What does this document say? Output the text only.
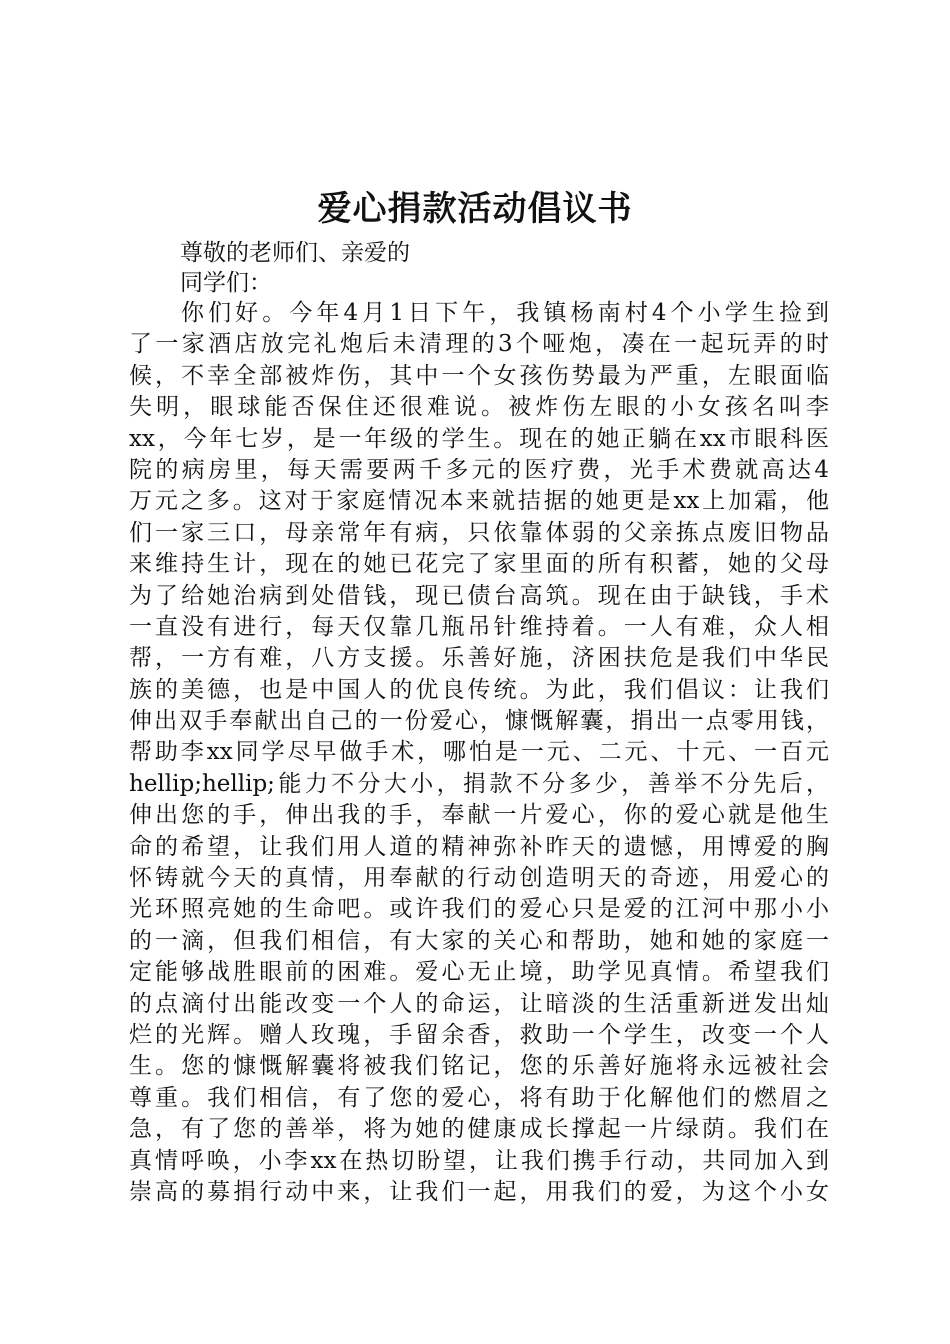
爱心捐款活动倡议书
尊敬的老师们、亲爱的
同学们：
你们好。今年4月1日下午，我镇杨南村4个小学生捡到
了一家酒店放完礼炮后未清理的3个哑炮，凑在一起玩弄的时
候，不幸全部被炸伤，其中一个女孩伤势最为严重，左眼面临
失明，眼球能否保住还很难说。被炸伤左眼的小女孩名叫李
xx，今年七岁，是一年级的学生。现在的她正躺在xx市眼科医
院的病房里，每天需要两千多元的医疗费，光手术费就高达4
万元之多。这对于家庭情况本来就拮据的她更是xx上加霜，他
们一家三口，母亲常年有病，只依靠体弱的父亲拣点废旧物品
来维持生计，现在的她已花完了家里面的所有积蓄，她的父母
为了给她治病到处借钱，现已债台高筑。现在由于缺钱，手术
一直没有进行，每天仅靠几瓶吊针维持着。一人有难，众人相
帮，一方有难，八方支援。乐善好施，济困扶危是我们中华民
族的美德，也是中国人的优良传统。为此，我们倡议：让我们
伸出双手奉献出自己的一份爱心，慷慨解囊，捐出一点零用钱，
帮助李xx同学尽早做手术，哪怕是一元、二元、十元、一百元
hellip;hellip;能力不分大小，捐款不分多少，善举不分先后，
伸出您的手，伸出我的手，奉献一片爱心，你的爱心就是他生
命的希望，让我们用人道的精神弥补昨天的遗憾，用博爱的胸
怀铸就今天的真情，用奉献的行动创造明天的奇迹，用爱心的
光环照亮她的生命吧。或许我们的爱心只是爱的江河中那小小
的一滴，但我们相信，有大家的关心和帮助，她和她的家庭一
定能够战胜眼前的困难。爱心无止境，助学见真情。希望我们
的点滴付出能改变一个人的命运，让暗淡的生活重新迸发出灿
烂的光辉。赠人玫瑰，手留余香，救助一个学生，改变一个人
生。您的慷慨解囊将被我们铭记，您的乐善好施将永远被社会
尊重。我们相信，有了您的爱心，将有助于化解他们的燃眉之
急，有了您的善举，将为她的健康成长撑起一片绿荫。我们在
真情呼唤，小李xx在热切盼望，让我们携手行动，共同加入到
崇高的募捐行动中来，让我们一起，用我们的爱，为这个小女
